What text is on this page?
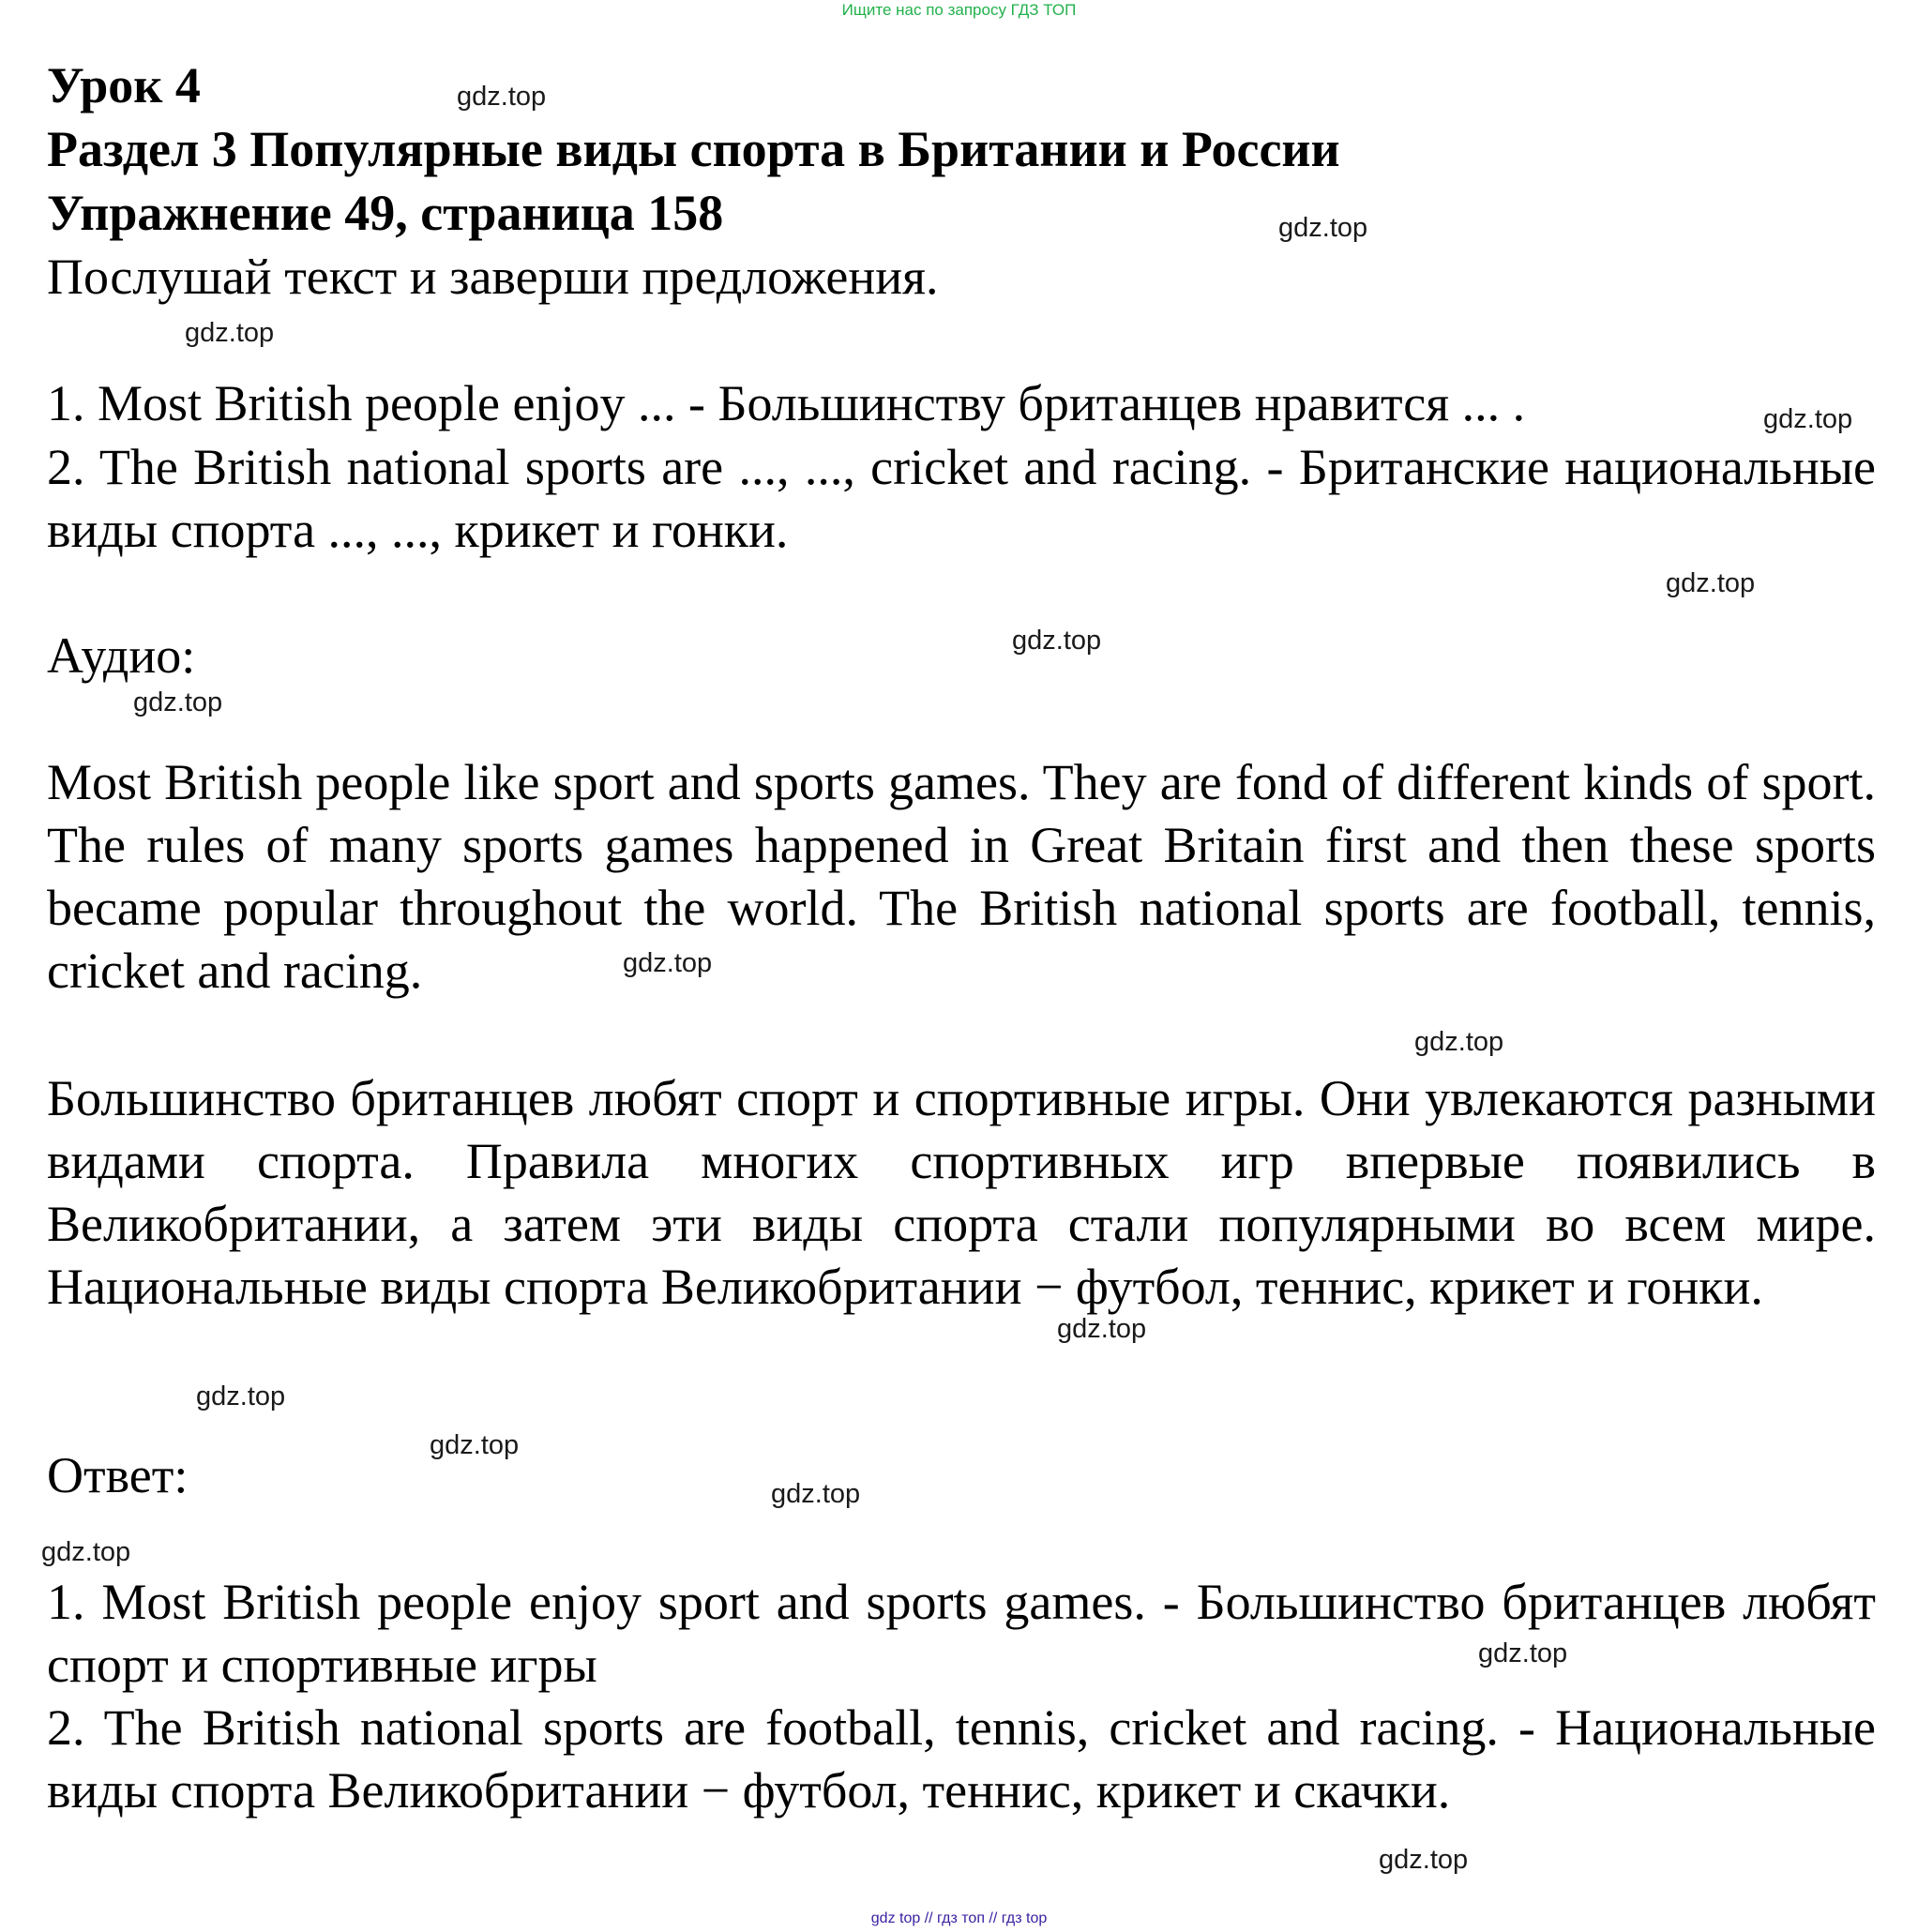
Ищите нас по запросу ГДЗ ТОП
Урок 4
Раздел 3 Популярные виды спорта в Британии и России
Упражнение 49, страница 158
Послушай текст и заверши предложения.
1. Most British people enjoy ... - Большинству британцев нравится ... .

2. The British national sports are ..., ..., cricket and racing. - Британские национальные виды спорта ..., ..., крикет и гонки.

Аудио:

Most British people like sport and sports games. They are fond of different kinds of sport. The rules of many sports games happened in Great Britain first and then these sports became popular throughout the world. The British national sports are football, tennis, cricket and racing.

Большинство британцев любят спорт и спортивные игры. Они увлекаются разными видами спорта. Правила многих спортивных игр впервые появились в Великобритании, а затем эти виды спорта стали популярными во всем мире. Национальные виды спорта Великобритании − футбол, теннис, крикет и гонки.

Ответ:

1. Most British people enjoy sport and sports games. - Большинство британцев любят спорт и спортивные игры

2. The British national sports are football, tennis, cricket and racing. - Национальные виды спорта Великобритании − футбол, теннис, крикет и скачки.

gdz.top
gdz.top
gdz.top
gdz.top
gdz.top
gdz.top
gdz.top
gdz.top
gdz.top
gdz.top
gdz.top
gdz.top
gdz.top
gdz.top
gdz.top
gdz.top
gdz top // гдз топ // гдз top
